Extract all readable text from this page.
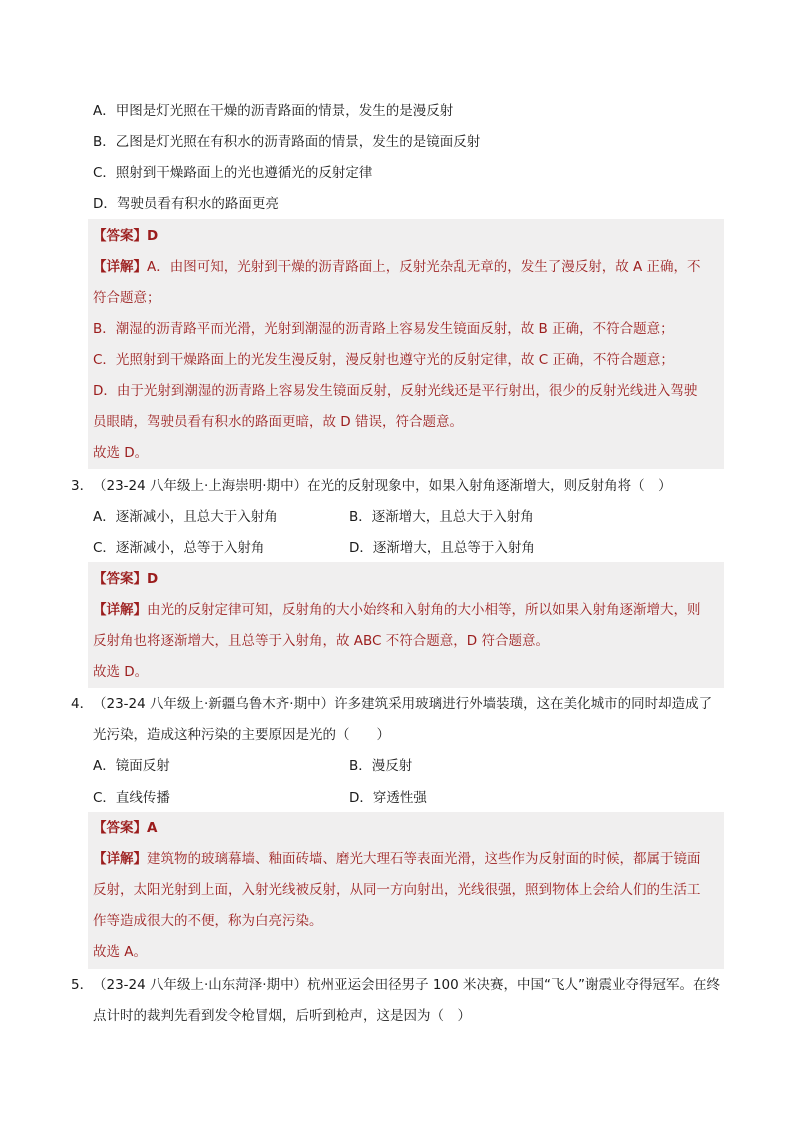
A．甲图是灯光照在干燥的沥青路面的情景，发生的是漫反射
B．乙图是灯光照在有积水的沥青路面的情景，发生的是镜面反射
C．照射到干燥路面上的光也遵循光的反射定律
D．驾驶员看有积水的路面更亮
【答案】D
【详解】A．由图可知，光射到干燥的沥青路面上，反射光杂乱无章的，发生了漫反射，故 A 正确，不
符合题意；
B．潮湿的沥青路平而光滑，光射到潮湿的沥青路上容易发生镜面反射，故 B 正确，不符合题意；
C．光照射到干燥路面上的光发生漫反射，漫反射也遵守光的反射定律，故 C 正确，不符合题意；
D．由于光射到潮湿的沥青路上容易发生镜面反射，反射光线还是平行射出，很少的反射光线进入驾驶
员眼睛，驾驶员看有积水的路面更暗，故 D 错误，符合题意。
故选 D。
3． （23-24 八年级上·上海崇明·期中）在光的反射现象中，如果入射角逐渐增大，则反射角将（　）
A．逐渐减小，且总大于入射角	B．逐渐增大，且总大于入射角
C．逐渐减小，总等于入射角	D．逐渐增大，且总等于入射角
【答案】D
【详解】由光的反射定律可知，反射角的大小始终和入射角的大小相等，所以如果入射角逐渐增大，则
反射角也将逐渐增大，且总等于入射角，故 ABC 不符合题意，D 符合题意。
故选 D。
4． （23-24 八年级上·新疆乌鲁木齐·期中）许多建筑采用玻璃进行外墙装璜，这在美化城市的同时却造成了
光污染，造成这种污染的主要原因是光的（　　）
A．镜面反射	B．漫反射
C．直线传播	D．穿透性强
【答案】A
【详解】建筑物的玻璃幕墙、釉面砖墙、磨光大理石等表面光滑，这些作为反射面的时候，都属于镜面
反射，太阳光射到上面，入射光线被反射，从同一方向射出，光线很强，照到物体上会给人们的生活工
作等造成很大的不便，称为白亮污染。
故选 A。
5． （23-24 八年级上·山东菏泽·期中）杭州亚运会田径男子 100 米决赛，中国“飞人”谢震业夺得冠军。在终
点计时的裁判先看到发令枪冒烟，后听到枪声，这是因为（　）
